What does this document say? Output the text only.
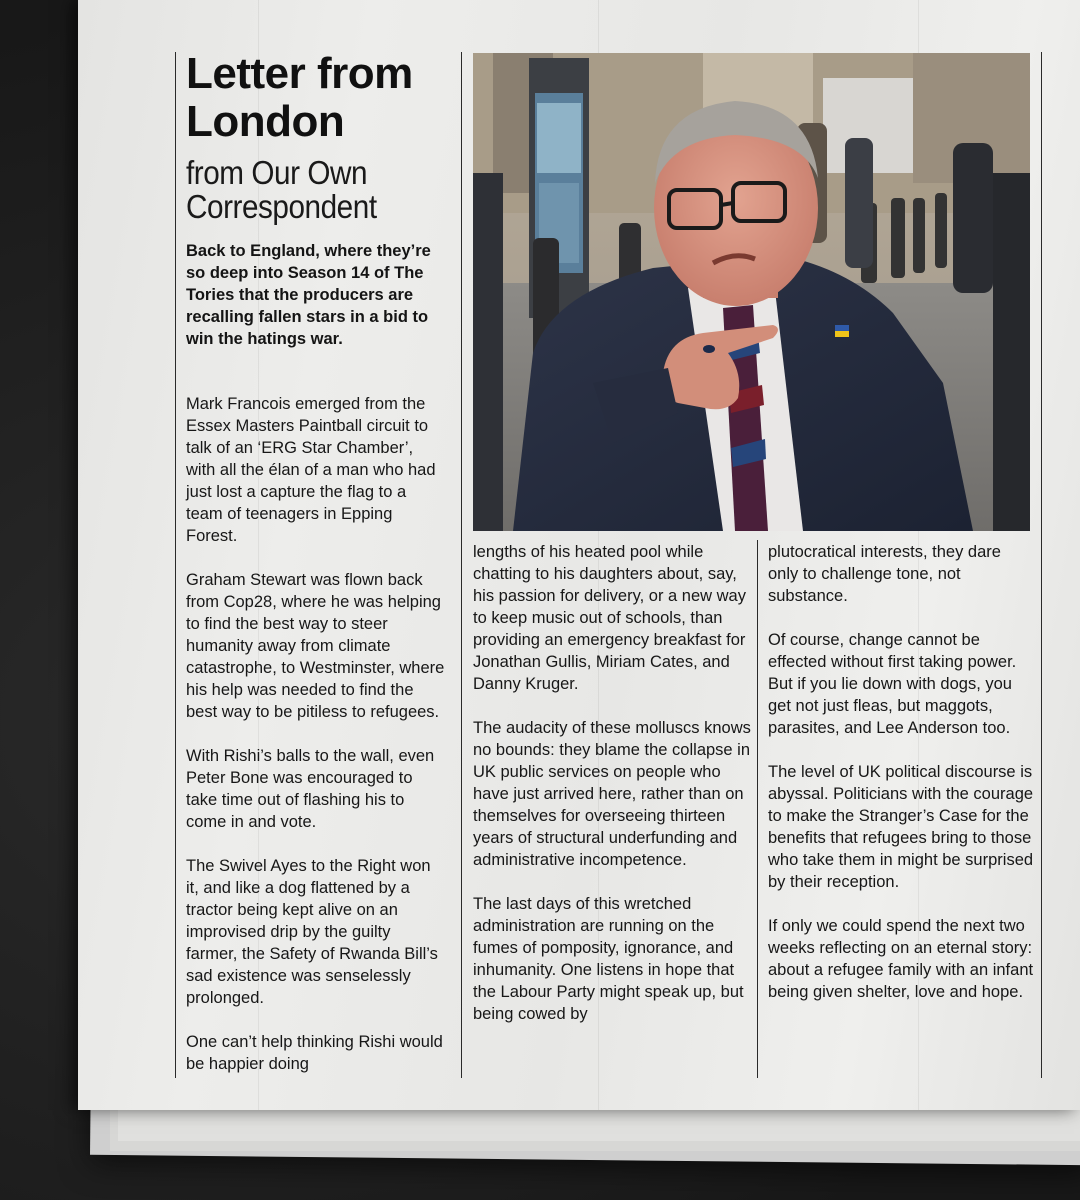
Letter from London
from Our Own Correspondent

Back to England, where they’re so deep into Season 14 of The Tories that the producers are recalling fallen stars in a bid to win the hatings war.

Mark Francois emerged from the Essex Masters Paintball circuit to talk of an ‘ERG Star Chamber’, with all the élan of a man who had just lost a capture the flag to a team of teenagers in Epping Forest.

Graham Stewart was flown back from Cop28, where he was helping to find the best way to steer humanity away from climate catastrophe, to Westminster, where his help was needed to find the best way to be pitiless to refugees.

With Rishi’s balls to the wall, even Peter Bone was encouraged to take time out of flashing his to come in and vote.

The Swivel Ayes to the Right won it, and like a dog flattened by a tractor being kept alive on an improvised drip by the guilty farmer, the Safety of Rwanda Bill’s sad existence was senselessly prolonged.

One can’t help thinking Rishi would be happier doing

lengths of his heated pool while chatting to his daughters about, say, his passion for delivery, or a new way to keep music out of schools, than providing an emergency breakfast for Jonathan Gullis, Miriam Cates, and Danny Kruger.

The audacity of these molluscs knows no bounds: they blame the collapse in UK public services on people who have just arrived here, rather than on themselves for overseeing thirteen years of structural underfunding and administrative incompetence.

The last days of this wretched administration are running on the fumes of pomposity, ignorance, and inhumanity. One listens in hope that the Labour Party might speak up, but being cowed by

plutocratical interests, they dare only to challenge tone, not substance.

Of course, change cannot be effected without first taking power. But if you lie down with dogs, you get not just fleas, but maggots, parasites, and Lee Anderson too.

The level of UK political discourse is abyssal. Politicians with the courage to make the Stranger’s Case for the benefits that refugees bring to those who take them in might be surprised by their reception.

If only we could spend the next two weeks reflecting on an eternal story: about a refugee family with an infant being given shelter, love and hope.
